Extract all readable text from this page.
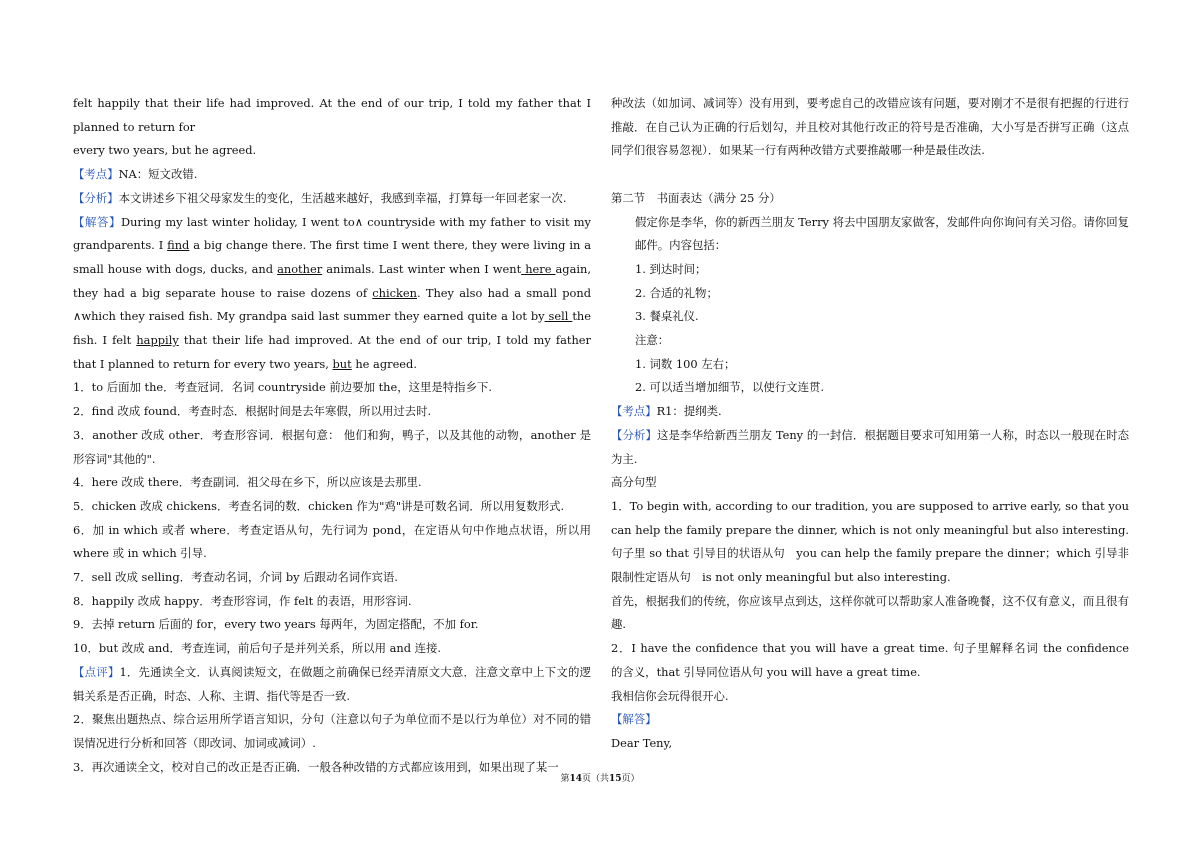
felt happily that their life had improved. At the end of our trip, I told my father that I planned to return for

every two years, but he agreed.

【考点】NA：短文改错.

【分析】本文讲述乡下祖父母家发生的变化，生活越来越好，我感到幸福，打算每一年回老家一次.

【解答】During my last winter holiday, I went to∧ countryside with my father to visit my grandparents. I find a big change there. The first time I went there, they were living in a small house with dogs, ducks, and another animals. Last winter when I went here again, they had a big separate house to raise dozens of chicken. They also had a small pond ∧which they raised fish. My grandpa said last summer they earned quite a lot by sell the fish. I felt happily that their life had improved. At the end of our trip, I told my father that I planned to return for every two years, but he agreed.

1．to 后面加 the．考查冠词．名词 countryside 前边要加 the，这里是特指乡下.

2．find 改成 found．考查时态．根据时间是去年寒假，所以用过去时.

3．another 改成 other．考查形容词．根据句意： 他们和狗，鸭子，以及其他的动物，another 是形容词"其他的".

4．here 改成 there．考查副词．祖父母在乡下，所以应该是去那里.

5．chicken 改成 chickens．考查名词的数．chicken 作为"鸡"讲是可数名词．所以用复数形式.

6．加 in which 或者 where．考查定语从句，先行词为 pond，在定语从句中作地点状语，所以用 where 或 in which 引导.

7．sell 改成 selling．考查动名词，介词 by 后跟动名词作宾语.

8．happily 改成 happy．考查形容词，作 felt 的表语，用形容词.

9．去掉 return 后面的 for，every two years 每两年，为固定搭配，不加 for.

10．but 改成 and．考查连词，前后句子是并列关系，所以用 and 连接.

【点评】1．先通读全文．认真阅读短文，在做题之前确保已经弄清原文大意．注意文章中上下文的逻辑关系是否正确，时态、人称、主谓、指代等是否一致.

2．聚焦出题热点、综合运用所学语言知识，分句（注意以句子为单位而不是以行为单位）对不同的错误情况进行分析和回答（即改词、加词或减词）.

3．再次通读全文，校对自己的改正是否正确．一般各种改错的方式都应该用到，如果出现了某一

种改法（如加词、减词等）没有用到，要考虑自己的改错应该有问题，要对刚才不是很有把握的行进行推敲．在自己认为正确的行后划勾，并且校对其他行改正的符号是否准确，大小写是否拼写正确（这点同学们很容易忽视）．如果某一行有两种改错方式要推敲哪一种是最佳改法.

第二节　书面表达（满分 25 分）

假定你是李华，你的新西兰朋友 Terry 将去中国朋友家做客，发邮件向你询问有关习俗。请你回复邮件。内容包括：

1. 到达时间；

2. 合适的礼物；

3. 餐桌礼仪.

注意：

1. 词数 100 左右；

2. 可以适当增加细节，以使行文连贯.

【考点】R1：提纲类.

【分析】这是李华给新西兰朋友 Teny 的一封信．根据题目要求可知用第一人称，时态以一般现在时态为主.

高分句型

1．To begin with, according to our tradition, you are supposed to arrive early, so that you can help the family prepare the dinner, which is not only meaningful but also interesting. 句子里 so that 引导目的状语从句　you can help the family prepare the dinner；which 引导非限制性定语从句　is not only meaningful but also interesting.

首先，根据我们的传统，你应该早点到达，这样你就可以帮助家人准备晚餐，这不仅有意义，而且很有趣.

2．I have the confidence that you will have a great time. 句子里解释名词 the confidence　的含义，that 引导同位语从句 you will have a great time.

我相信你会玩得很开心.

【解答】

Dear Teny,

第14页（共15页）
